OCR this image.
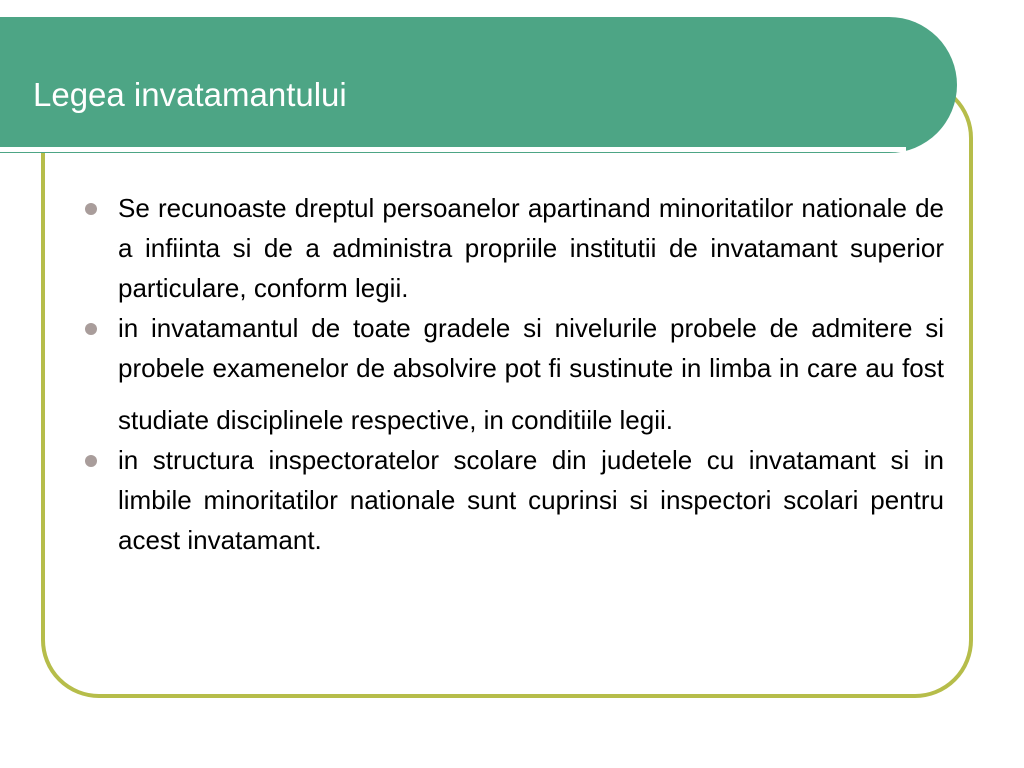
Legea invatamantului
Se recunoaste dreptul persoanelor apartinand minoritatilor nationale de a infiinta si de a administra propriile institutii de invatamant superior particulare, conform legii.
in invatamantul de toate gradele si nivelurile probele de admitere si probele examenelor de absolvire pot fi sustinute in limba in care au fost studiate disciplinele respective, in conditiile legii.
in structura inspectoratelor scolare din judetele cu invatamant si in limbile minoritatilor nationale sunt cuprinsi si inspectori scolari pentru acest invatamant.
